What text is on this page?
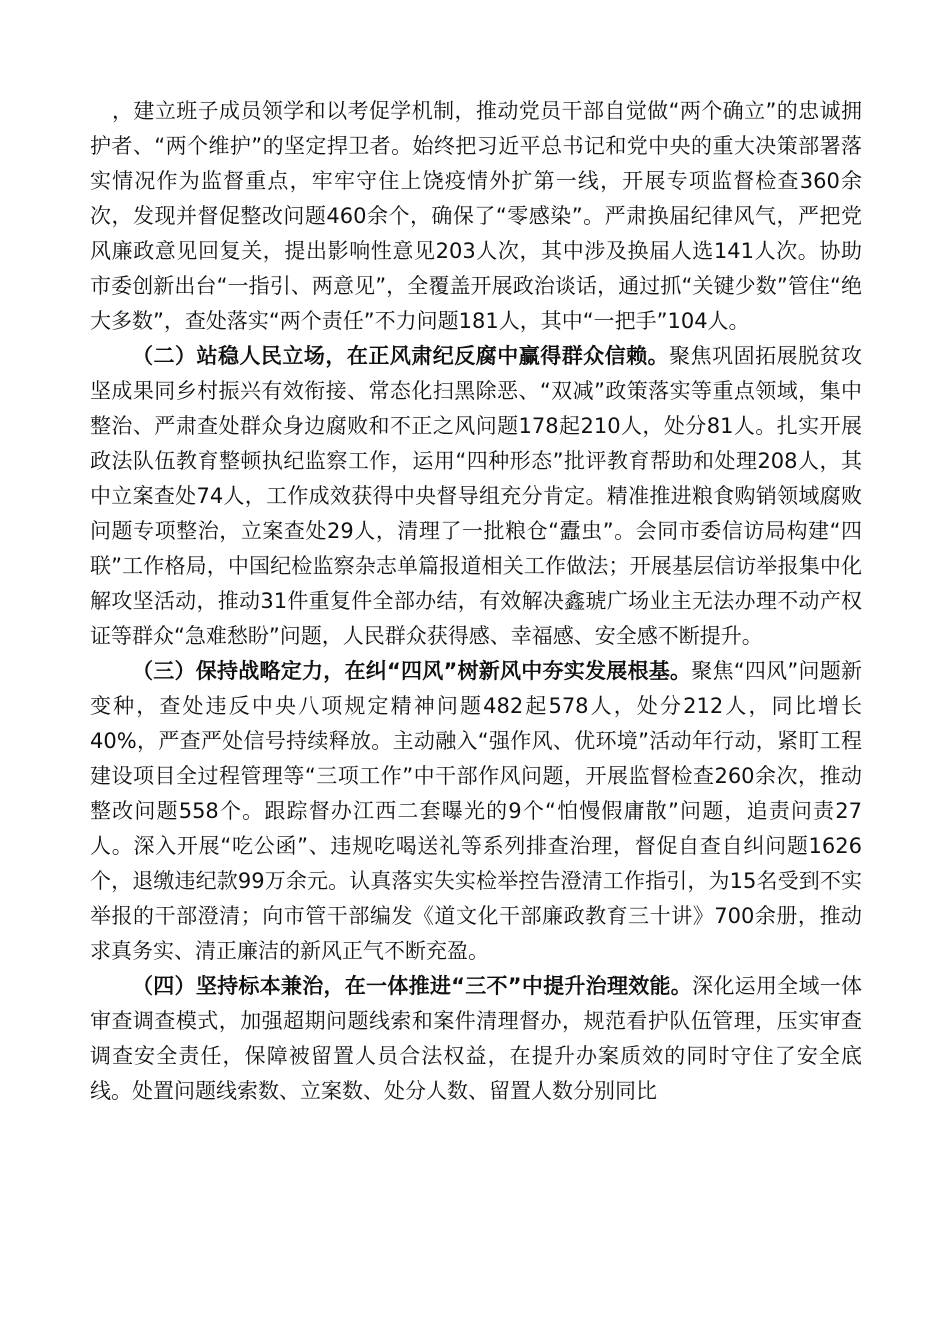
，建立班子成员领学和以考促学机制，推动党员干部自觉做“两个确立”的忠诚拥护者、“两个维护”的坚定捍卫者。始终把习近平总书记和党中央的重大决策部署落实情况作为监督重点，牢牢守住上饶疫情外扩第一线，开展专项监督检查360余次，发现并督促整改问题460余个，确保了“零感染”。严肃换届纪律风气，严把党风廉政意见回复关，提出影响性意见203人次，其中涉及换届人选141人次。协助市委创新出台“一指引、两意见”，全覆盖开展政治谈话，通过抓“关键少数”管住“绝大多数”，查处落实“两个责任”不力问题181人，其中“一把手”104人。

（二）站稳人民立场，在正风肃纪反腐中赢得群众信赖。聚焦巩固拓展脱贫攻坚成果同乡村振兴有效衔接、常态化扫黑除恶、“双减”政策落实等重点领域，集中整治、严肃查处群众身边腐败和不正之风问题178起210人，处分81人。扎实开展政法队伍教育整顿执纪监察工作，运用“四种形态”批评教育帮助和处理208人，其中立案查处74人，工作成效获得中央督导组充分肯定。精准推进粮食购销领域腐败问题专项整治，立案查处29人，清理了一批粮仓“蠹虫”。会同市委信访局构建“四联”工作格局，中国纪检监察杂志单篇报道相关工作做法；开展基层信访举报集中化解攻坚活动，推动31件重复件全部办结，有效解决鑫琥广场业主无法办理不动产权证等群众“急难愁盼”问题，人民群众获得感、幸福感、安全感不断提升。

（三）保持战略定力，在纠“四风”树新风中夯实发展根基。聚焦“四风”问题新变种，查处违反中央八项规定精神问题482起578人，处分212人，同比增长40%，严查严处信号持续释放。主动融入“强作风、优环境”活动年行动，紧盯工程建设项目全过程管理等“三项工作”中干部作风问题，开展监督检查260余次，推动整改问题558个。跟踪督办江西二套曝光的9个“怕慢假庸散”问题，追责问责27人。深入开展“吃公函”、违规吃喝送礼等系列排查治理，督促自查自纠问题1626个，退缴违纪款99万余元。认真落实失实检举控告澄清工作指引，为15名受到不实举报的干部澄清；向市管干部编发《道文化干部廉政教育三十讲》700余册，推动求真务实、清正廉洁的新风正气不断充盈。

（四）坚持标本兼治，在一体推进“三不”中提升治理效能。深化运用全域一体审查调查模式，加强超期问题线索和案件清理督办，规范看护队伍管理，压实审查调查安全责任，保障被留置人员合法权益，在提升办案质效的同时守住了安全底线。处置问题线索数、立案数、处分人数、留置人数分别同比
